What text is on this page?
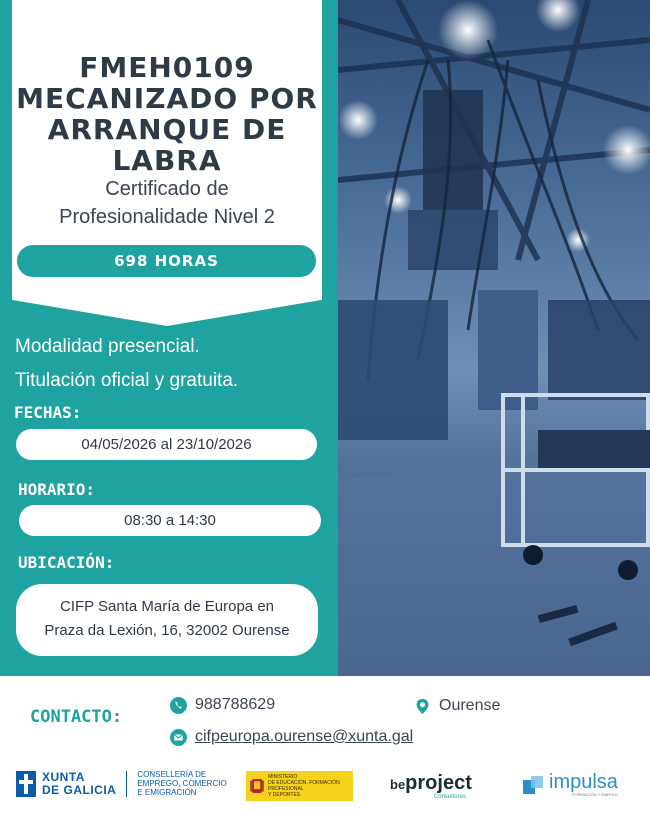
FMEH0109
MECANIZADO POR
ARRANQUE DE
LABRA
Certificado de
Profesionalidade Nivel 2
698 HORAS
Modalidad presencial.
Titulación oficial y gratuita.
FECHAS:
04/05/2026 al 23/10/2026
HORARIO:
08:30 a 14:30
UBICACIÓN:
CIFP Santa María de Europa en
Praza da Lexión, 16, 32002 Ourense
CONTACTO:
988788629	Ourense
cifpeuropa.ourense@xunta.gal
XUNTA
DE GALICIA
CONSELLERÍA DE
EMPREGO, COMERCIO
E EMIGRACIÓN
MINISTERIO
DE EDUCACIÓN, FORMACIÓN PROFESIONAL
Y DEPORTES
beproject
Consultores
impulsa
FORMACIÓN Y EMPLEO
